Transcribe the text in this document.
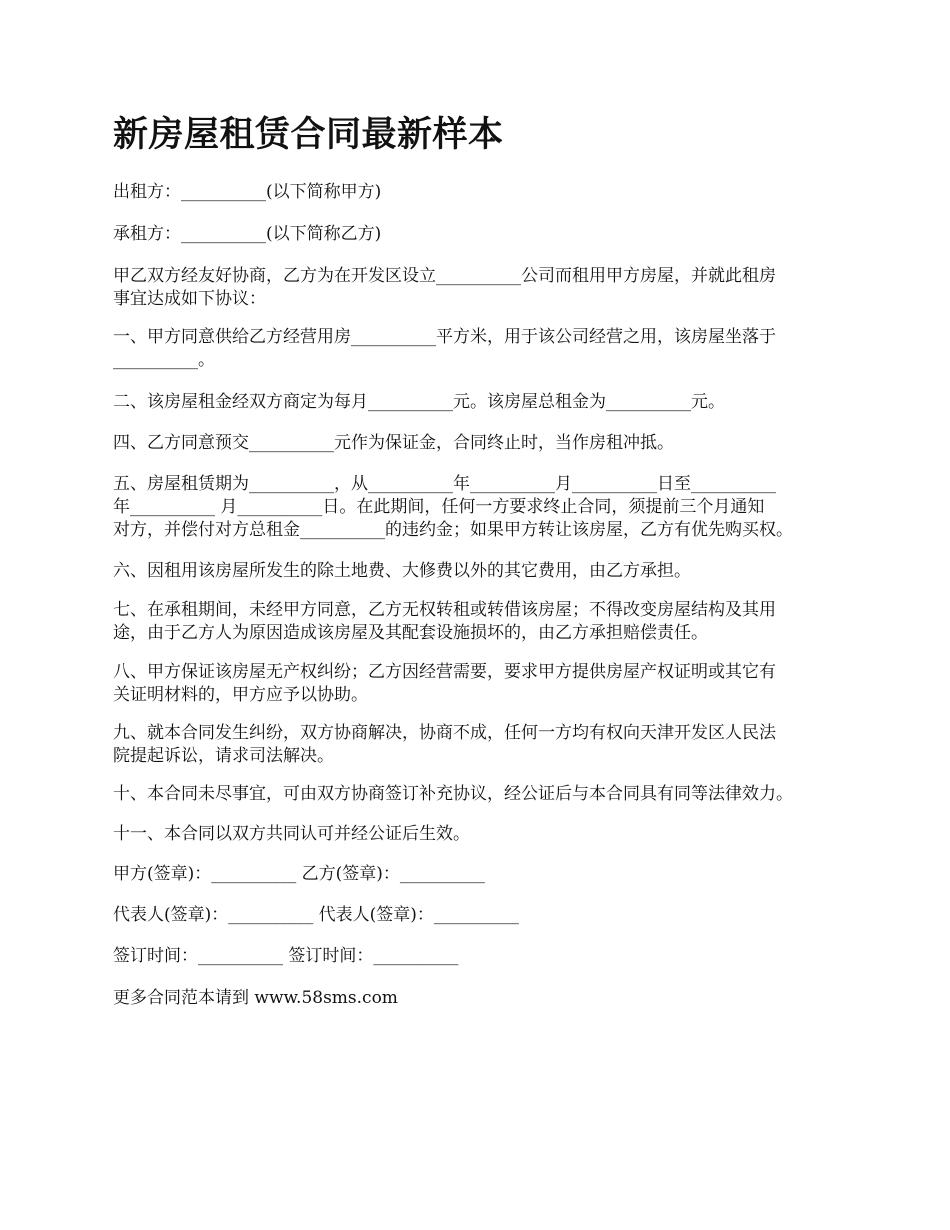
新房屋租赁合同最新样本

出租方：__________(以下简称甲方)

承租方：__________(以下简称乙方)

甲乙双方经友好协商，乙方为在开发区设立__________公司而租用甲方房屋，并就此租房
事宜达成如下协议：

一、甲方同意供给乙方经营用房__________平方米，用于该公司经营之用，该房屋坐落于
__________。

二、该房屋租金经双方商定为每月__________元。该房屋总租金为__________元。

四、乙方同意预交__________元作为保证金，合同终止时，当作房租冲抵。

五、房屋租赁期为__________，从__________年__________月__________日至__________
年__________ 月__________日。在此期间，任何一方要求终止合同，须提前三个月通知
对方，并偿付对方总租金__________的违约金；如果甲方转让该房屋，乙方有优先购买权。

六、因租用该房屋所发生的除土地费、大修费以外的其它费用，由乙方承担。

七、在承租期间，未经甲方同意，乙方无权转租或转借该房屋；不得改变房屋结构及其用
途，由于乙方人为原因造成该房屋及其配套设施损坏的，由乙方承担赔偿责任。

八、甲方保证该房屋无产权纠纷；乙方因经营需要，要求甲方提供房屋产权证明或其它有
关证明材料的，甲方应予以协助。

九、就本合同发生纠纷，双方协商解决，协商不成，任何一方均有权向天津开发区人民法
院提起诉讼，请求司法解决。

十、本合同未尽事宜，可由双方协商签订补充协议，经公证后与本合同具有同等法律效力。

十一、本合同以双方共同认可并经公证后生效。

甲方(签章)：__________ 乙方(签章)：__________

代表人(签章)：__________ 代表人(签章)：__________

签订时间：__________ 签订时间：__________

更多合同范本请到 www.58sms.com
